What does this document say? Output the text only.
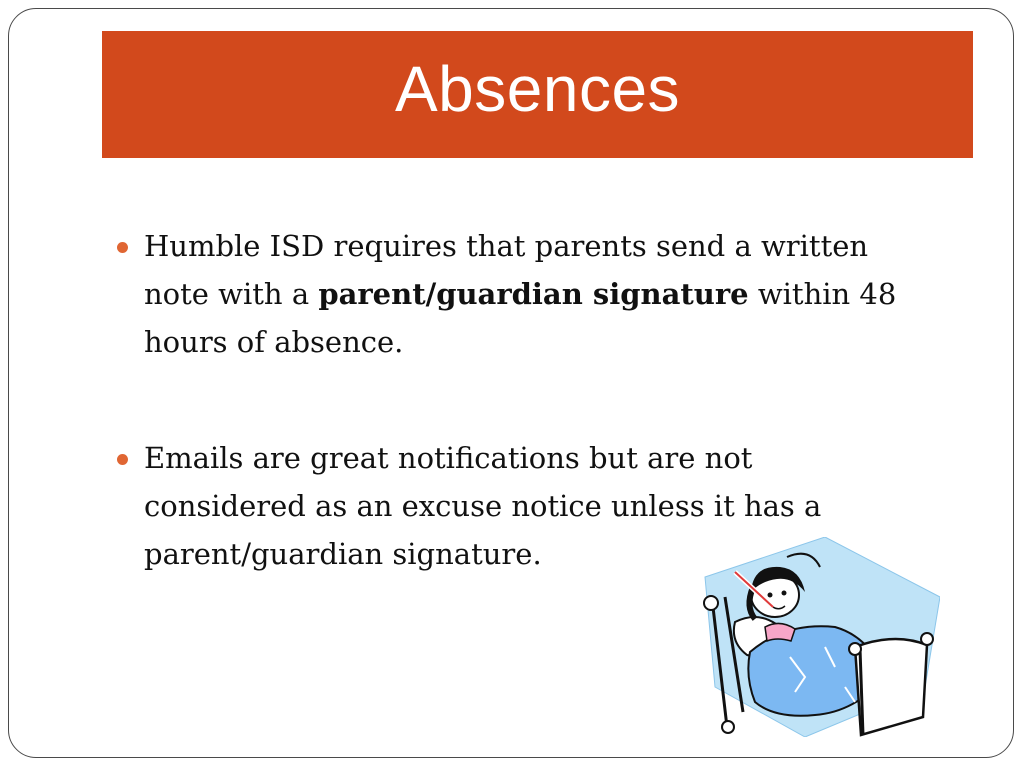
Absences
Humble ISD requires that parents send a written note with a parent/guardian signature within 48 hours of absence.
Emails are great notifications but are not considered as an excuse notice unless it has a parent/guardian signature.
